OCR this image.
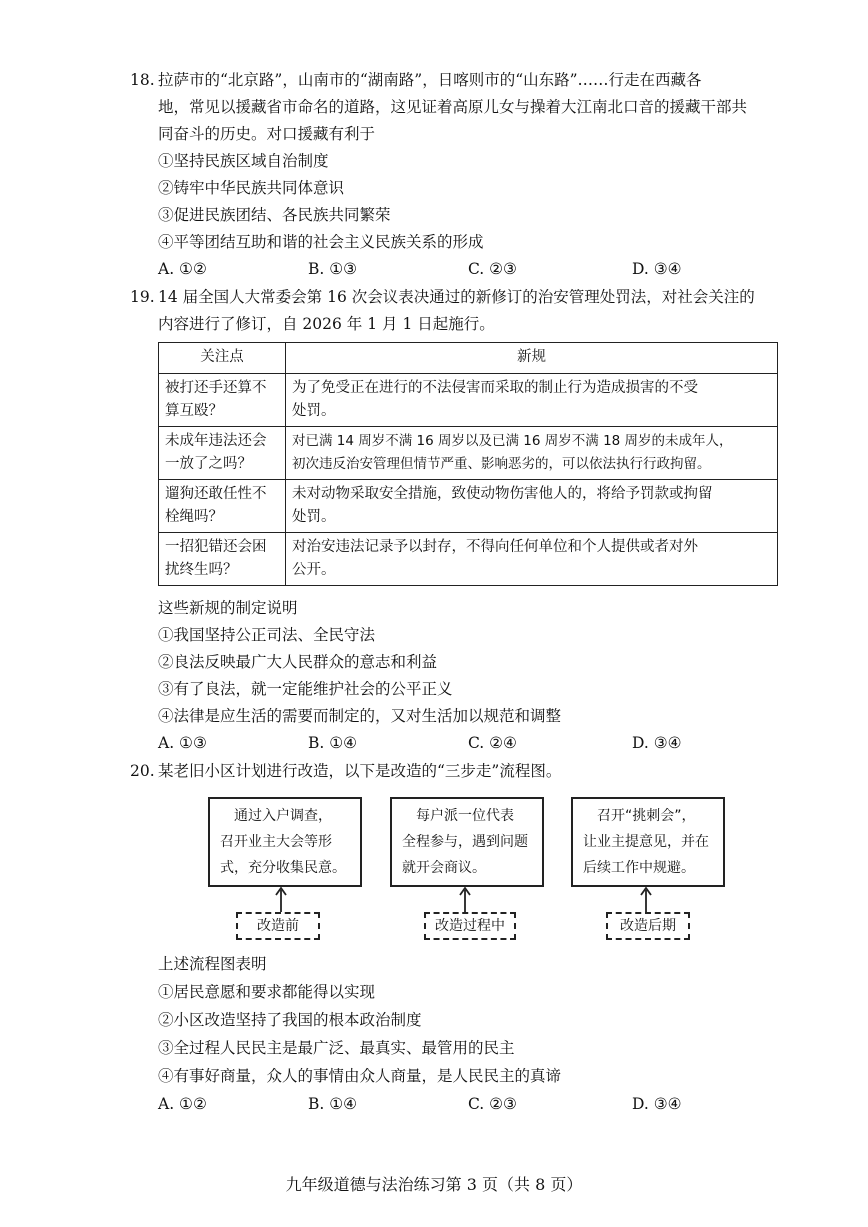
18. 拉萨市的“北京路”，山南市的“湖南路”，日喀则市的“山东路”……行走在西藏各
地，常见以援藏省市命名的道路，这见证着高原儿女与操着大江南北口音的援藏干部共
同奋斗的历史。对口援藏有利于
①坚持民族区域自治制度
②铸牢中华民族共同体意识
③促进民族团结、各民族共同繁荣
④平等团结互助和谐的社会主义民族关系的形成
A. ①②	B. ①③	C. ②③	D. ③④
19. 14 届全国人大常委会第 16 次会议表决通过的新修订的治安管理处罚法，对社会关注的
内容进行了修订，自 2026 年 1 月 1 日起施行。
关注点	新规
被打还手还算不
算互殴？	为了免受正在进行的不法侵害而采取的制止行为造成损害的不受
处罚。
未成年违法还会
一放了之吗？	对已满 14 周岁不满 16 周岁以及已满 16 周岁不满 18 周岁的未成年人，
初次违反治安管理但情节严重、影响恶劣的，可以依法执行行政拘留。
遛狗还敢任性不
栓绳吗？	未对动物采取安全措施，致使动物伤害他人的，将给予罚款或拘留
处罚。
一招犯错还会困
扰终生吗？	对治安违法记录予以封存，不得向任何单位和个人提供或者对外
公开。
这些新规的制定说明
①我国坚持公正司法、全民守法
②良法反映最广大人民群众的意志和利益
③有了良法，就一定能维护社会的公平正义
④法律是应生活的需要而制定的，又对生活加以规范和调整
A. ①③	B. ①④	C. ②④	D. ③④
20. 某老旧小区计划进行改造，以下是改造的“三步走”流程图。
通过入户调查，
召开业主大会等形
式，充分收集民意。
每户派一位代表
全程参与，遇到问题
就开会商议。
召开“挑刺会”，
让业主提意见，并在
后续工作中规避。
改造前	改造过程中	改造后期
上述流程图表明
①居民意愿和要求都能得以实现
②小区改造坚持了我国的根本政治制度
③全过程人民民主是最广泛、最真实、最管用的民主
④有事好商量，众人的事情由众人商量，是人民民主的真谛
A. ①②	B. ①④	C. ②③	D. ③④
九年级道德与法治练习第 3 页（共 8 页）
